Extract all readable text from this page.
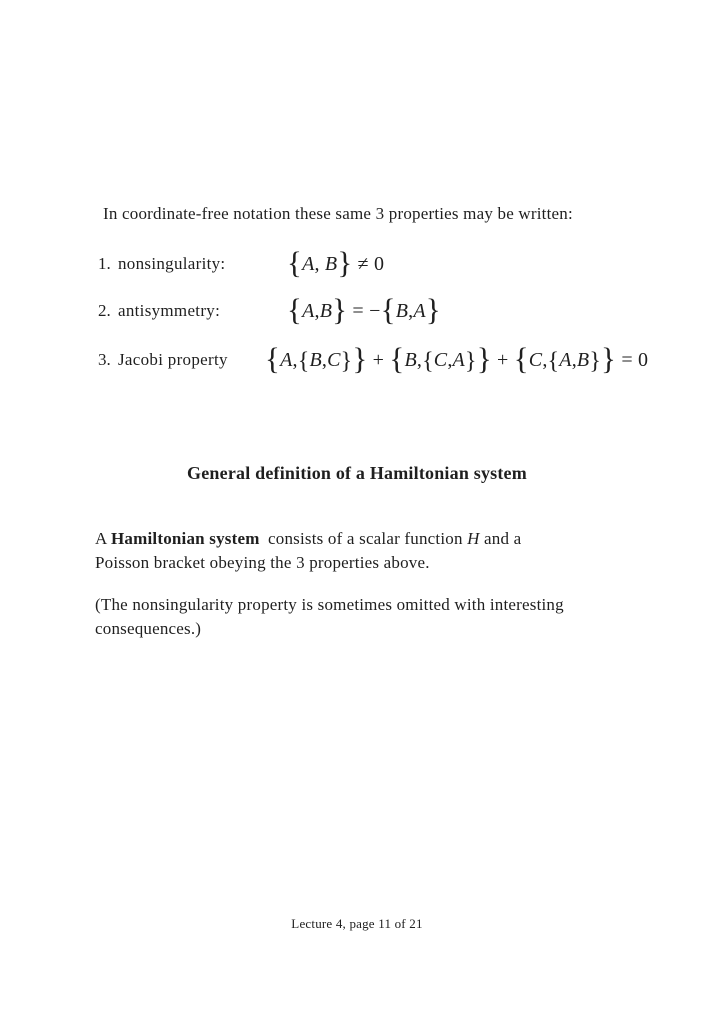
In coordinate-free notation these same 3 properties may be written:

1. nonsingularity:	{A, B} ≠ 0
2. antisymmetry:	{A,B} = −{B,A}
3. Jacobi property	{A,{B,C}} + {B,{C,A}} + {C,{A,B}} = 0
General definition of a Hamiltonian system

A Hamiltonian system consists of a scalar function H and a
Poisson bracket obeying the 3 properties above.

(The nonsingularity property is sometimes omitted with interesting
consequences.)

Lecture 4, page 11 of 21
